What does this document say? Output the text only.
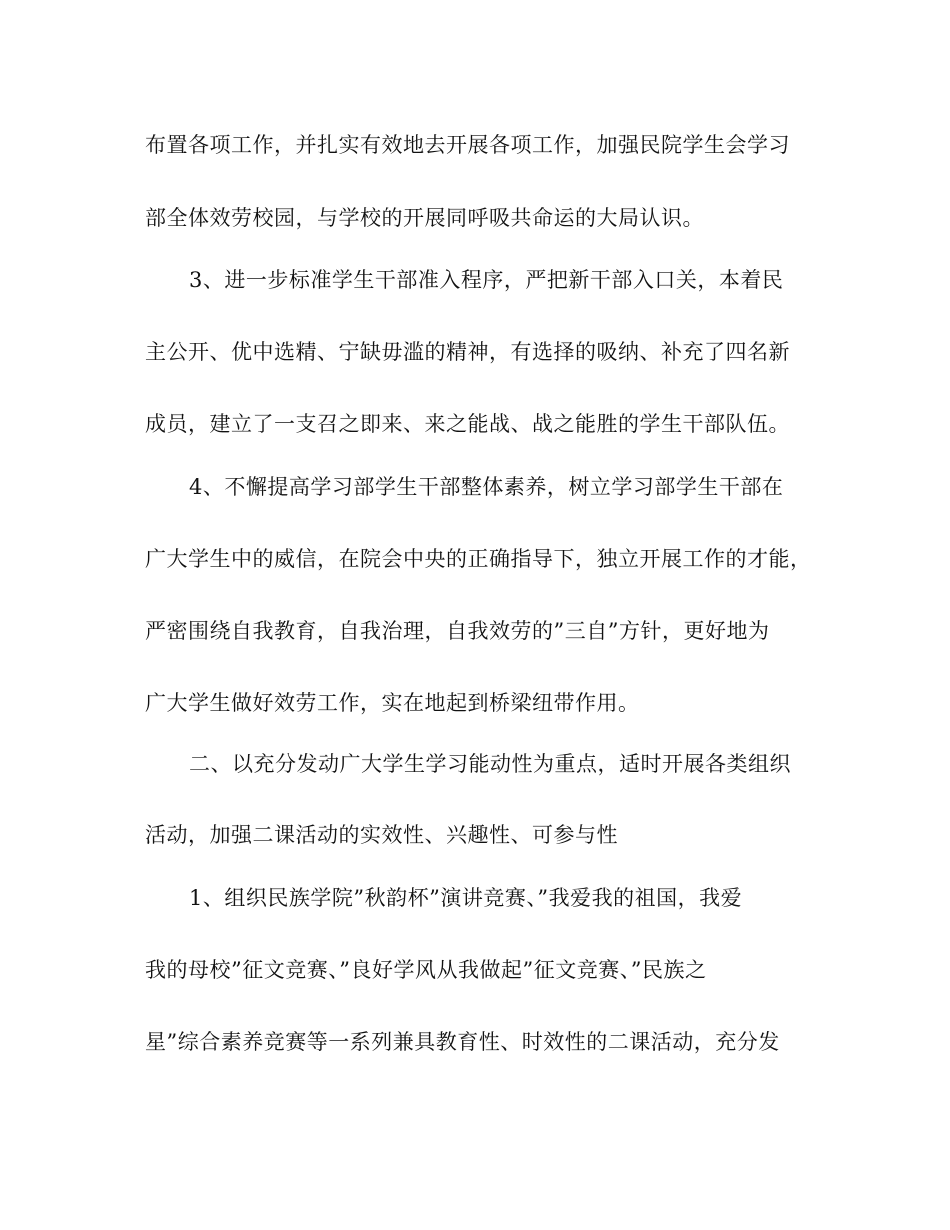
布置各项工作，并扎实有效地去开展各项工作，加强民院学生会学习

部全体效劳校园，与学校的开展同呼吸共命运的大局认识。

3、进一步标准学生干部准入程序，严把新干部入口关，本着民

主公开、优中选精、宁缺毋滥的精神，有选择的吸纳、补充了四名新

成员，建立了一支召之即来、来之能战、战之能胜的学生干部队伍。

4、不懈提高学习部学生干部整体素养，树立学习部学生干部在

广大学生中的威信，在院会中央的正确指导下，独立开展工作的才能，

严密围绕自我教育，自我治理，自我效劳的”三自”方针，更好地为

广大学生做好效劳工作，实在地起到桥梁纽带作用。

二、以充分发动广大学生学习能动性为重点，适时开展各类组织

活动，加强二课活动的实效性、兴趣性、可参与性

1、组织民族学院”秋韵杯”演讲竞赛、”我爱我的祖国，我爱

我的母校”征文竞赛、”良好学风从我做起”征文竞赛、”民族之

星”综合素养竞赛等一系列兼具教育性、时效性的二课活动，充分发
